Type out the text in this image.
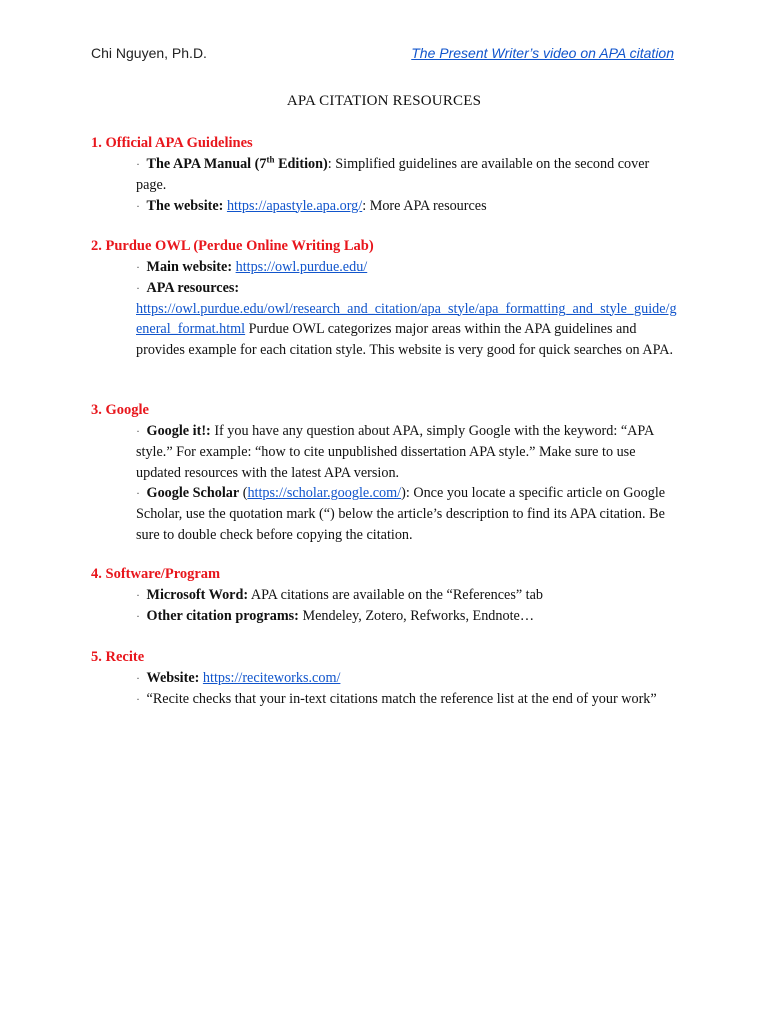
Chi Nguyen, Ph.D.	The Present Writer’s video on APA citation
APA CITATION RESOURCES
1. Official APA Guidelines
· The APA Manual (7th Edition): Simplified guidelines are available on the second cover page.
· The website: https://apastyle.apa.org/: More APA resources
2. Purdue OWL (Perdue Online Writing Lab)
· Main website: https://owl.purdue.edu/
· APA resources:
https://owl.purdue.edu/owl/research_and_citation/apa_style/apa_formatting_and_style_guide/general_format.html Purdue OWL categorizes major areas within the APA guidelines and provides example for each citation style. This website is very good for quick searches on APA.
3. Google
· Google it!: If you have any question about APA, simply Google with the keyword: “APA style.” For example: “how to cite unpublished dissertation APA style.” Make sure to use updated resources with the latest APA version.
· Google Scholar (https://scholar.google.com/): Once you locate a specific article on Google Scholar, use the quotation mark (“) below the article’s description to find its APA citation. Be sure to double check before copying the citation.
4. Software/Program
· Microsoft Word: APA citations are available on the “References” tab
· Other citation programs: Mendeley, Zotero, Refworks, Endnote…
5. Recite
· Website: https://reciteworks.com/
· “Recite checks that your in-text citations match the reference list at the end of your work”
